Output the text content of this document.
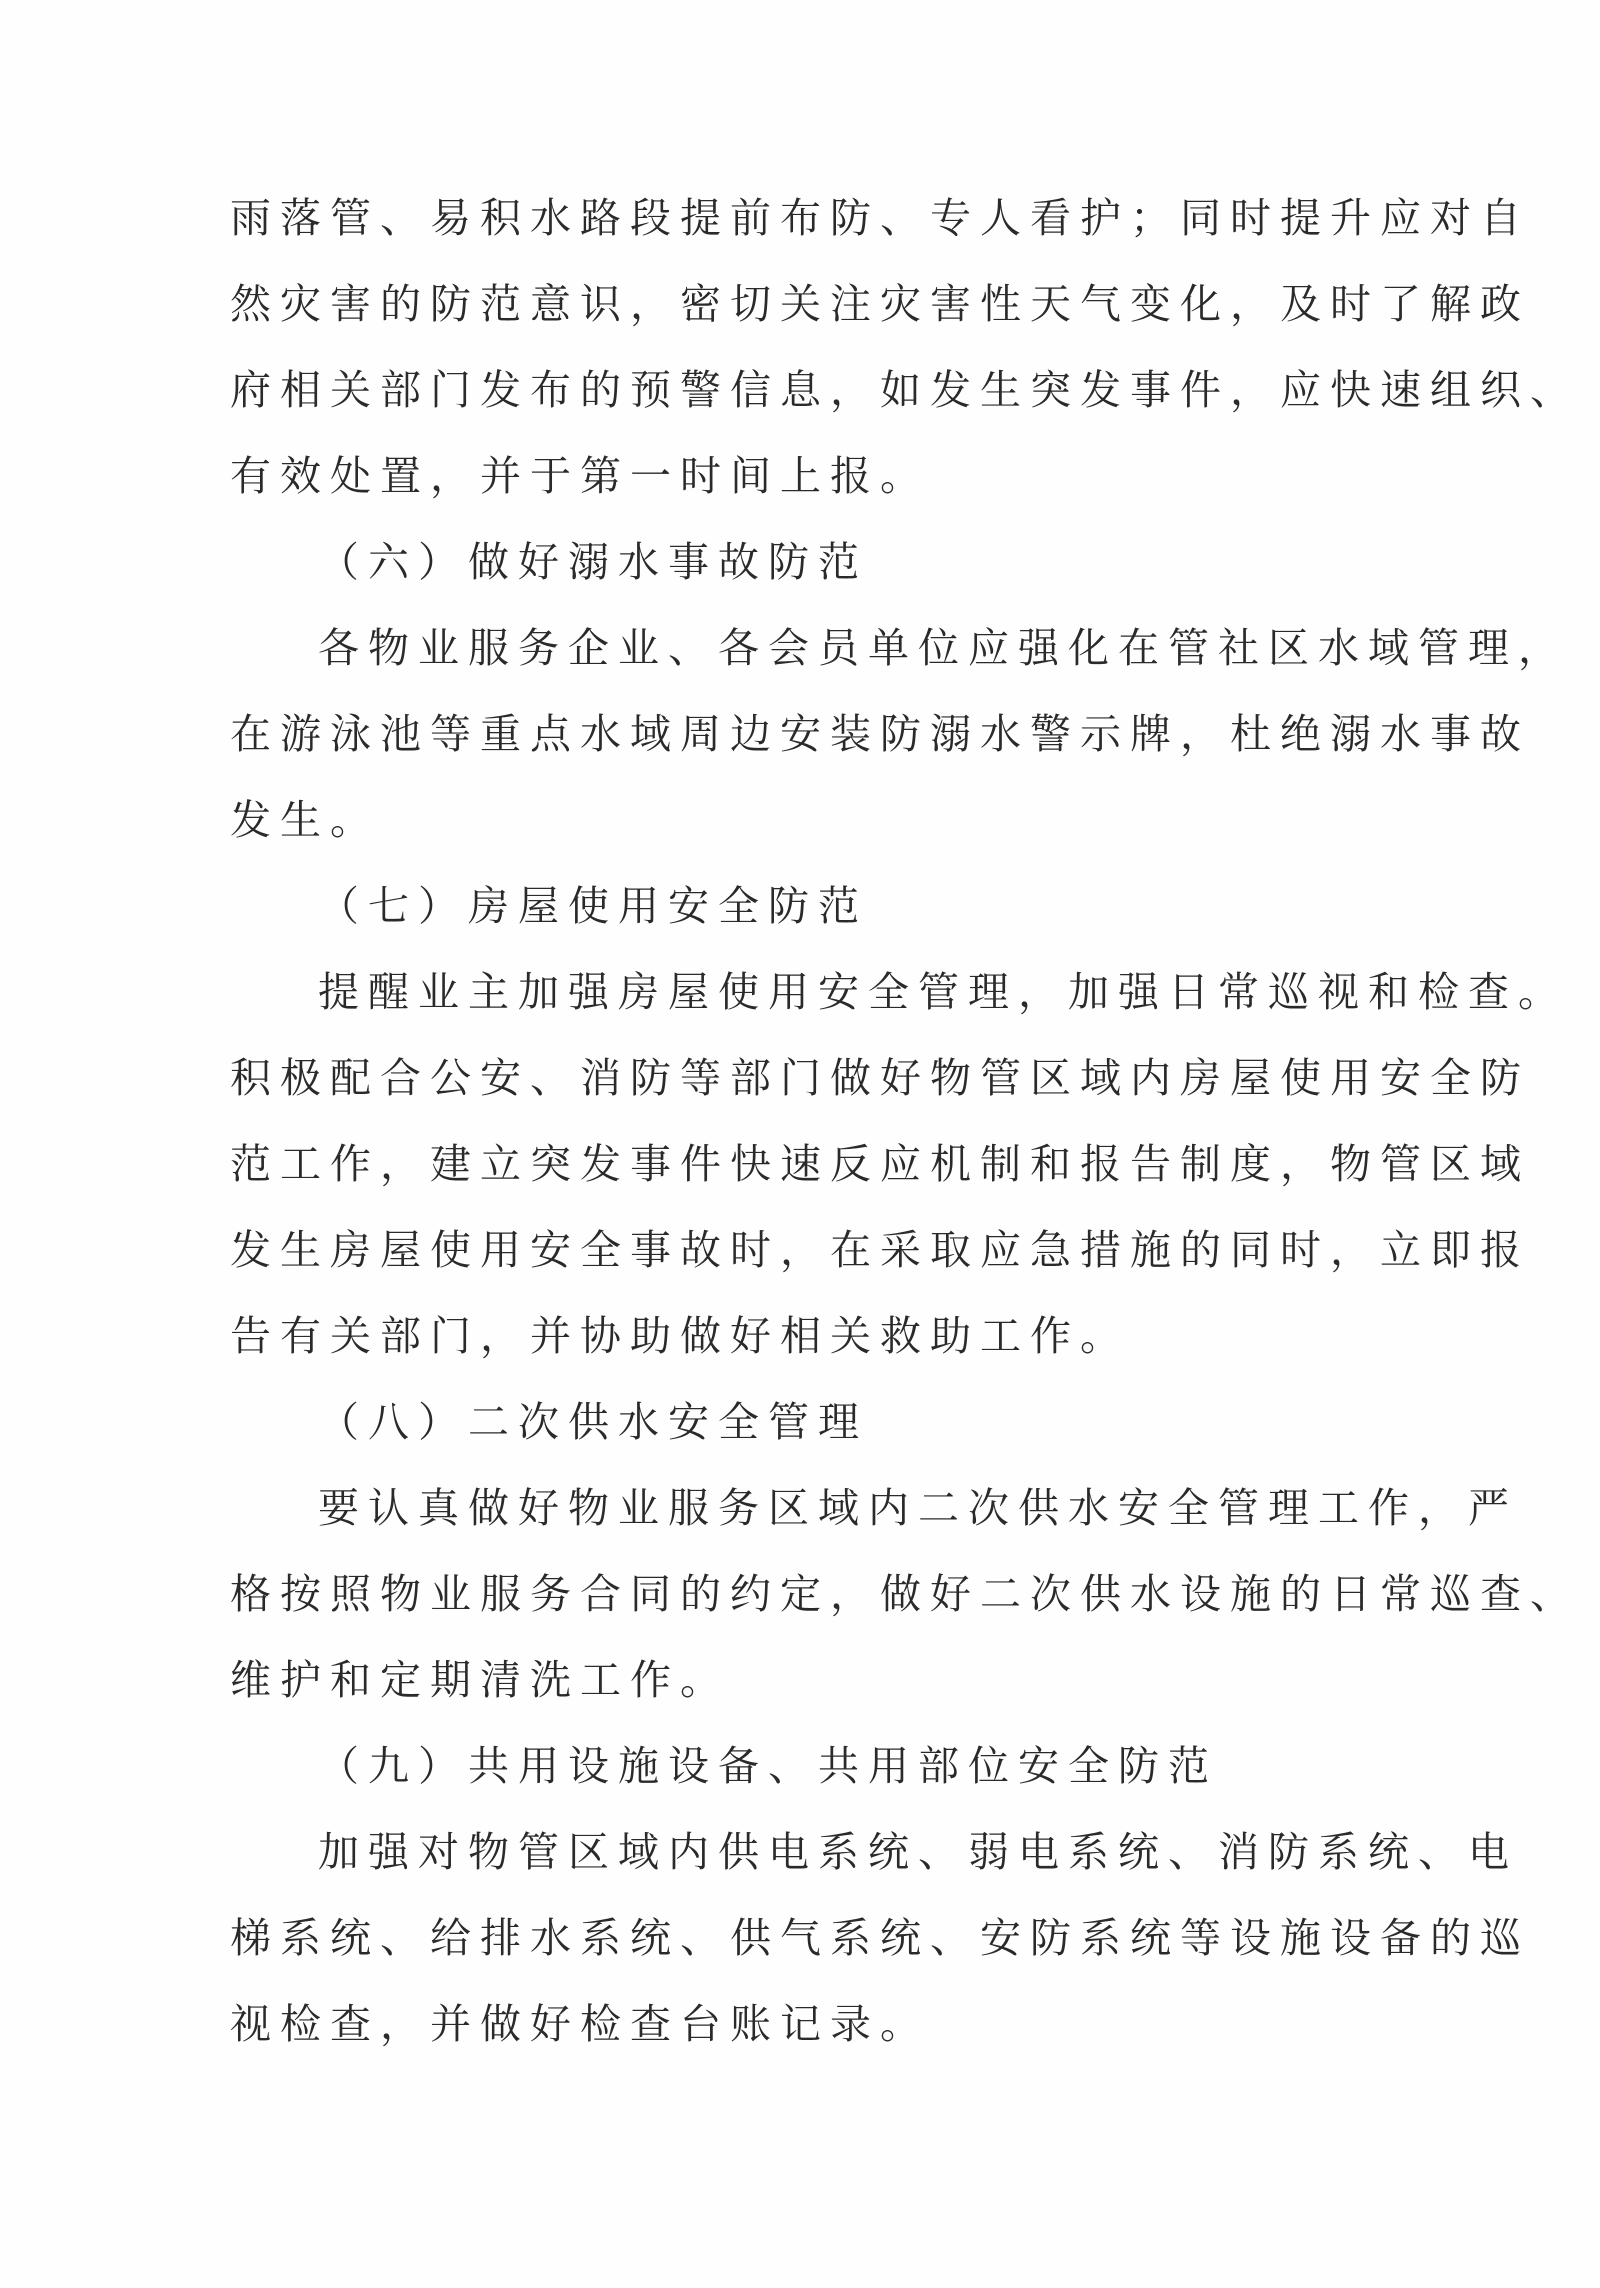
雨落管、易积水路段提前布防、专人看护；同时提升应对自
然灾害的防范意识，密切关注灾害性天气变化，及时了解政
府相关部门发布的预警信息，如发生突发事件，应快速组织、
有效处置，并于第一时间上报。
（六）做好溺水事故防范
各物业服务企业、各会员单位应强化在管社区水域管理，
在游泳池等重点水域周边安装防溺水警示牌，杜绝溺水事故
发生。
（七）房屋使用安全防范
提醒业主加强房屋使用安全管理，加强日常巡视和检查。
积极配合公安、消防等部门做好物管区域内房屋使用安全防
范工作，建立突发事件快速反应机制和报告制度，物管区域
发生房屋使用安全事故时，在采取应急措施的同时，立即报
告有关部门，并协助做好相关救助工作。
（八）二次供水安全管理
要认真做好物业服务区域内二次供水安全管理工作，严
格按照物业服务合同的约定，做好二次供水设施的日常巡查、
维护和定期清洗工作。
（九）共用设施设备、共用部位安全防范
加强对物管区域内供电系统、弱电系统、消防系统、电
梯系统、给排水系统、供气系统、安防系统等设施设备的巡
视检查，并做好检查台账记录。
